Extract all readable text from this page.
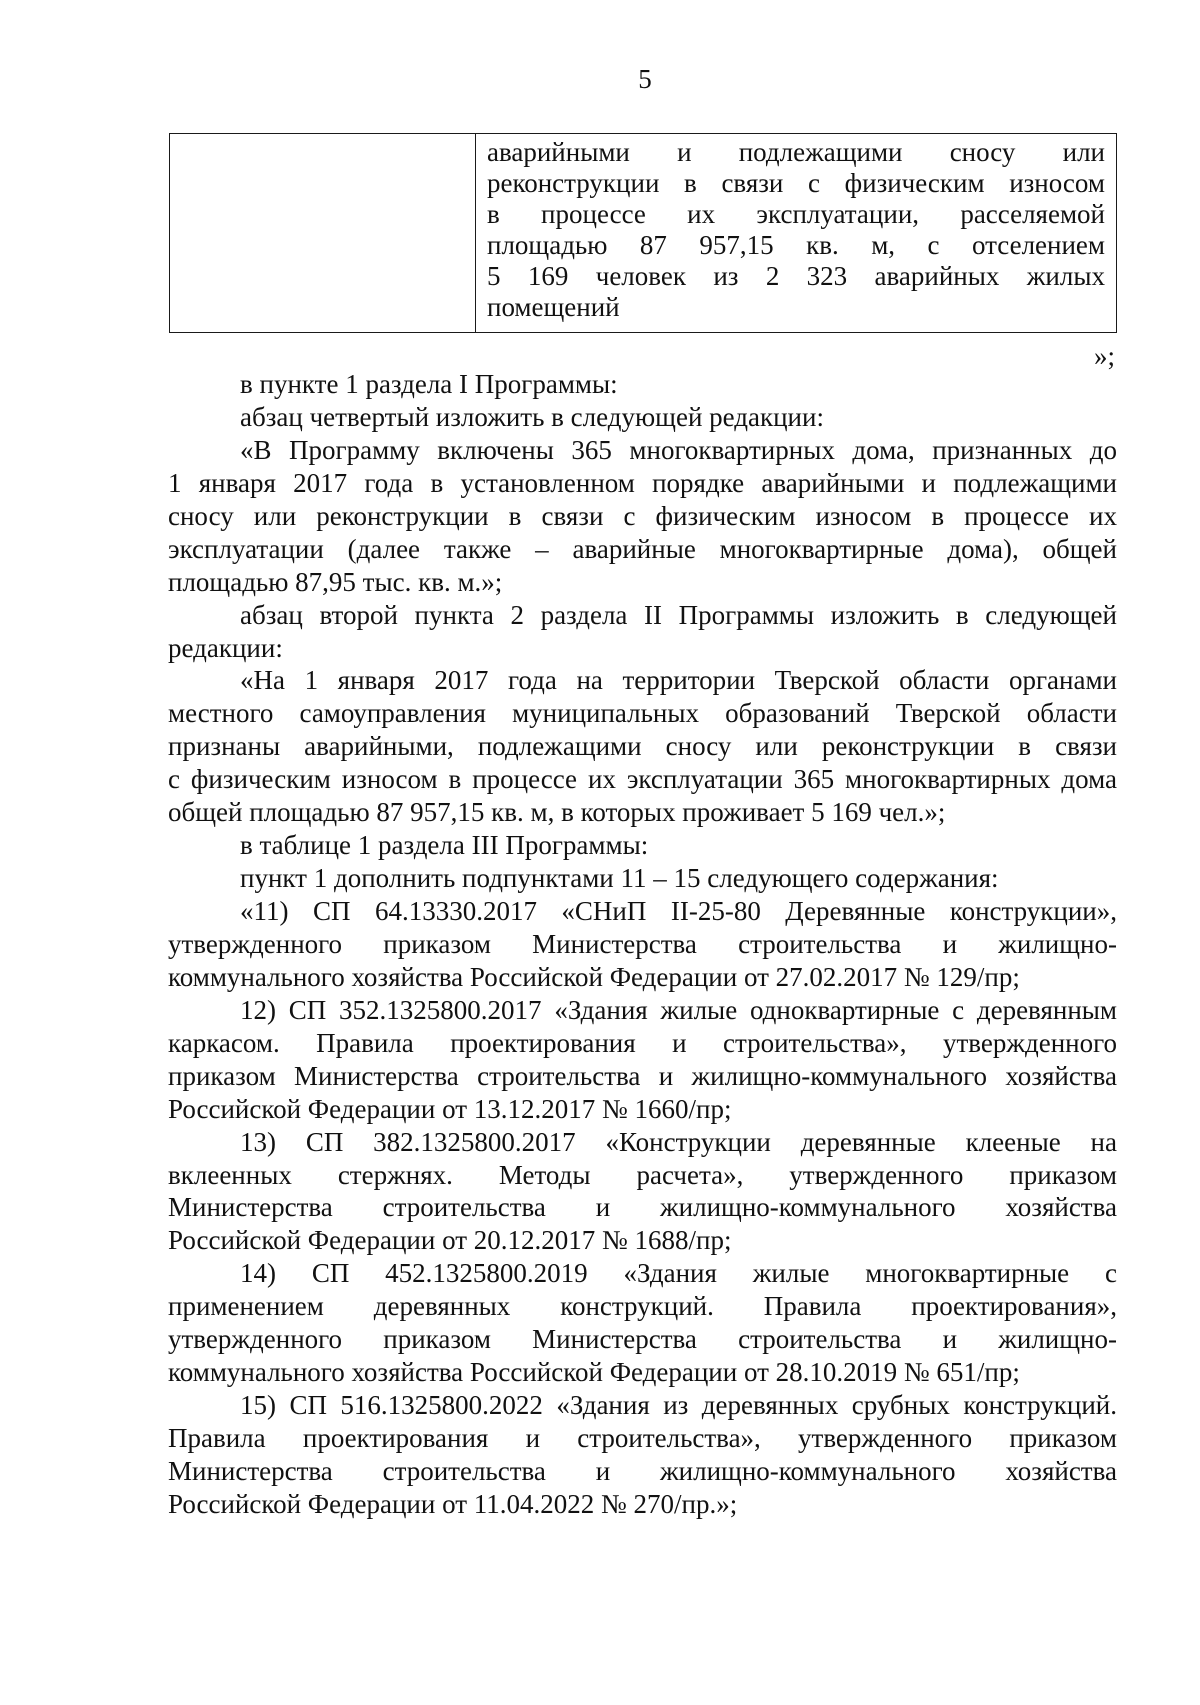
5

аварийными и подлежащими сносу или
реконструкции в связи с физическим износом
в процессе их эксплуатации, расселяемой
площадью 87 957,15 кв. м, с отселением
5 169 человек из 2 323 аварийных жилых
помещений
»;
в пункте 1 раздела I Программы:
абзац четвертый изложить в следующей редакции:
«В Программу включены 365 многоквартирных дома, признанных до
1 января 2017 года в установленном порядке аварийными и подлежащими
сносу или реконструкции в связи с физическим износом в процессе их
эксплуатации (далее также – аварийные многоквартирные дома), общей
площадью 87,95 тыс. кв. м.»;
абзац второй пункта 2 раздела II Программы изложить в следующей
редакции:
«На 1 января 2017 года на территории Тверской области органами
местного самоуправления муниципальных образований Тверской области
признаны аварийными, подлежащими сносу или реконструкции в связи
с физическим износом в процессе их эксплуатации 365 многоквартирных дома
общей площадью 87 957,15 кв. м, в которых проживает 5 169 чел.»;
в таблице 1 раздела III Программы:
пункт 1 дополнить подпунктами 11 – 15 следующего содержания:
«11) СП 64.13330.2017 «СНиП II-25-80 Деревянные конструкции»,
утвержденного приказом Министерства строительства и жилищно-
коммунального хозяйства Российской Федерации от 27.02.2017 № 129/пр;
12) СП 352.1325800.2017 «Здания жилые одноквартирные с деревянным
каркасом. Правила проектирования и строительства», утвержденного
приказом Министерства строительства и жилищно-коммунального хозяйства
Российской Федерации от 13.12.2017 № 1660/пр;
13) СП 382.1325800.2017 «Конструкции деревянные клееные на
вклеенных стержнях. Методы расчета», утвержденного приказом
Министерства строительства и жилищно-коммунального хозяйства
Российской Федерации от 20.12.2017 № 1688/пр;
14) СП 452.1325800.2019 «Здания жилые многоквартирные с
применением деревянных конструкций. Правила проектирования»,
утвержденного приказом Министерства строительства и жилищно-
коммунального хозяйства Российской Федерации от 28.10.2019 № 651/пр;
15) СП 516.1325800.2022 «Здания из деревянных срубных конструкций.
Правила проектирования и строительства», утвержденного приказом
Министерства строительства и жилищно-коммунального хозяйства
Российской Федерации от 11.04.2022 № 270/пр.»;
